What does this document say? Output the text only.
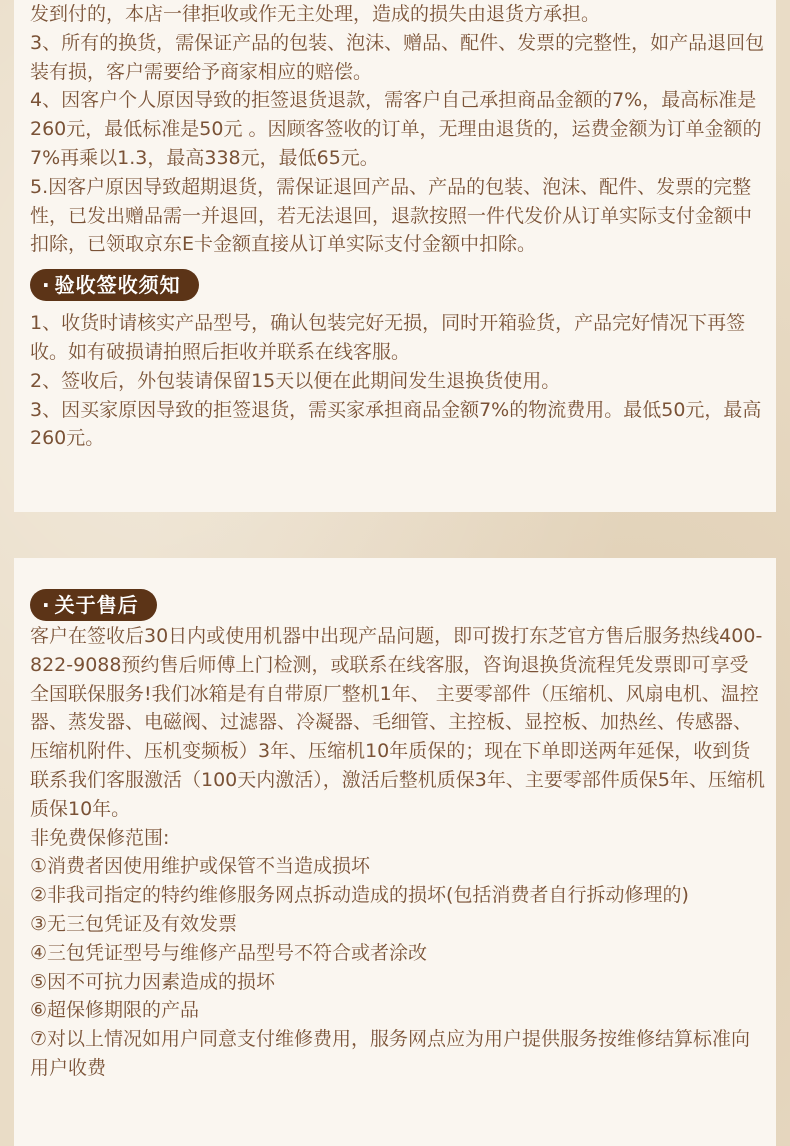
发到付的，本店一律拒收或作无主处理，造成的损失由退货方承担。

3、所有的换货，需保证产品的包装、泡沫、赠品、配件、发票的完整性，如产品退回包装有损，客户需要给予商家相应的赔偿。

4、因客户个人原因导致的拒签退货退款，需客户自己承担商品金额的7%，最高标准是260元，最低标准是50元 。因顾客签收的订单，无理由退货的，运费金额为订单金额的7%再乘以1.3，最高338元，最低65元。

5.因客户原因导致超期退货，需保证退回产品、产品的包装、泡沫、配件、发票的完整性，已发出赠品需一并退回，若无法退回，退款按照一件代发价从订单实际支付金额中扣除，已领取京东E卡金额直接从订单实际支付金额中扣除。

· 验收签收须知

1、收货时请核实产品型号，确认包装完好无损，同时开箱验货，产品完好情况下再签收。如有破损请拍照后拒收并联系在线客服。

2、签收后，外包装请保留15天以便在此期间发生退换货使用。

3、因买家原因导致的拒签退货，需买家承担商品金额7%的物流费用。最低50元，最高260元。

· 关于售后

客户在签收后30日内或使用机器中出现产品问题，即可拨打东芝官方售后服务热线400-822-9088预约售后师傅上门检测，或联系在线客服，咨询退换货流程凭发票即可享受全国联保服务!我们冰箱是有自带原厂整机1年、 主要零部件（压缩机、风扇电机、温控器、蒸发器、电磁阀、过滤器、冷凝器、毛细管、主控板、显控板、加热丝、传感器、压缩机附件、压机变频板）3年、压缩机10年质保的；现在下单即送两年延保，收到货联系我们客服激活（100天内激活），激活后整机质保3年、主要零部件质保5年、压缩机质保10年。

非免费保修范围:

①消费者因使用维护或保管不当造成损坏

②非我司指定的特约维修服务网点拆动造成的损坏(包括消费者自行拆动修理的)

③无三包凭证及有效发票

④三包凭证型号与维修产品型号不符合或者涂改

⑤因不可抗力因素造成的损坏

⑥超保修期限的产品

⑦对以上情况如用户同意支付维修费用，服务网点应为用户提供服务按维修结算标准向用户收费
